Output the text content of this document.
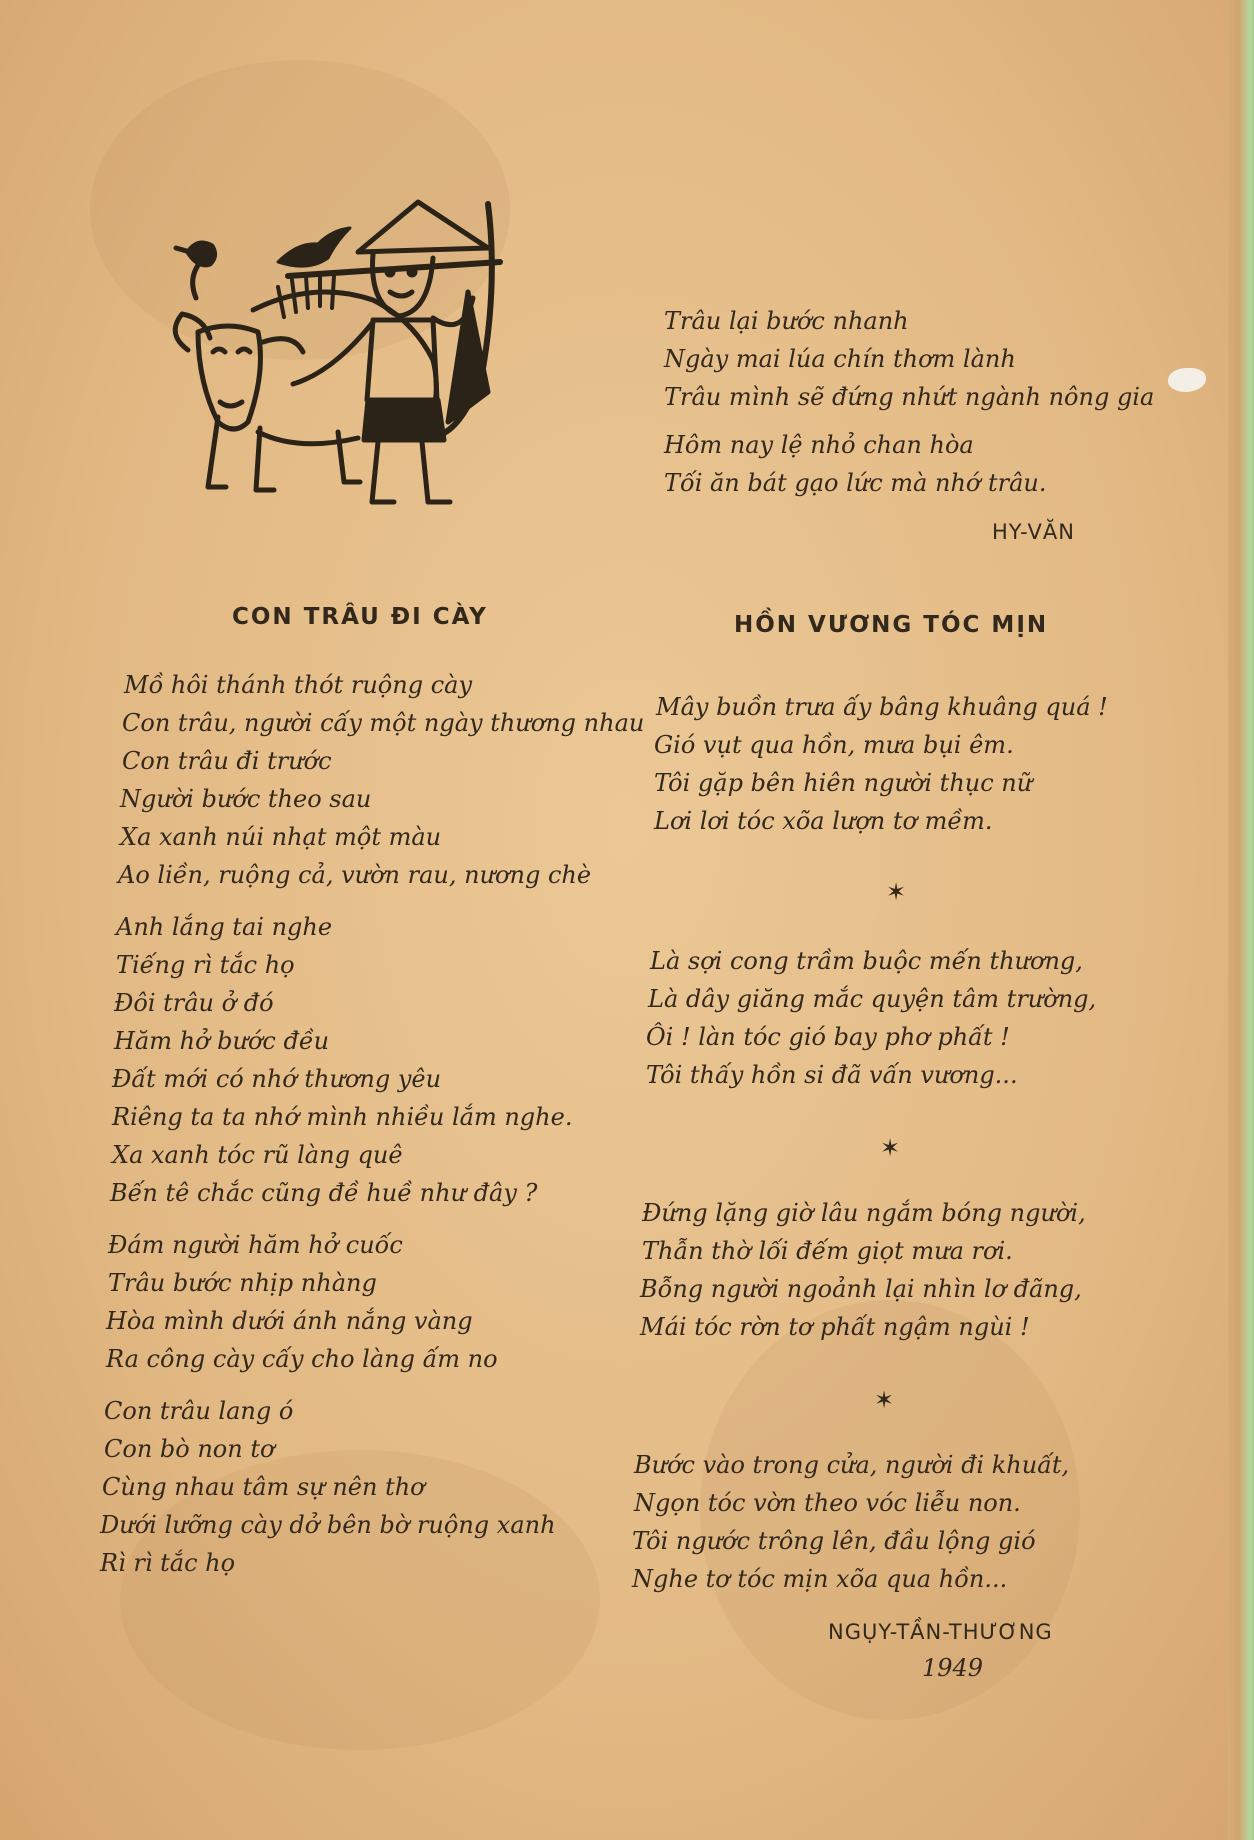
Trâu lại bước nhanh
Ngày mai lúa chín thơm lành
Trâu mình sẽ đứng nhứt ngành nông gia
Hôm nay lệ nhỏ chan hòa
Tối ăn bát gạo lức mà nhớ trâu.
HY-VĂN
CON TRÂU ĐI CÀY
Mồ hôi thánh thót ruộng cày
Con trâu, người cấy một ngày thương nhau
Con trâu đi trước
Người bước theo sau
Xa xanh núi nhạt một màu
Ao liền, ruộng cả, vườn rau, nương chè
Anh lắng tai nghe
Tiếng rì tắc họ
Đôi trâu ở đó
Hăm hở bước đều
Đất mới có nhớ thương yêu
Riêng ta ta nhớ mình nhiều lắm nghe.
Xa xanh tóc rũ làng quê
Bến tê chắc cũng đề huề như đây ?
Đám người hăm hở cuốc
Trâu bước nhịp nhàng
Hòa mình dưới ánh nắng vàng
Ra công cày cấy cho làng ấm no
Con trâu lang ó
Con bò non tơ
Cùng nhau tâm sự nên thơ
Dưới lưỡng cày dở bên bờ ruộng xanh
Rì rì tắc họ
HỒN VƯƠNG TÓC MỊN
Mây buồn trưa ấy bâng khuâng quá !
Gió vụt qua hồn, mưa bụi êm.
Tôi gặp bên hiên người thục nữ
Lơi lơi tóc xõa lượn tơ mềm.
✶
Là sợi cong trầm buộc mến thương,
Là dây giăng mắc quyện tâm trường,
Ôi ! làn tóc gió bay phơ phất !
Tôi thấy hồn si đã vấn vương...
✶
Đứng lặng giờ lâu ngắm bóng người,
Thẫn thờ lối đếm giọt mưa rơi.
Bỗng người ngoảnh lại nhìn lơ đãng,
Mái tóc rờn tơ phất ngậm ngùi !
✶
Bước vào trong cửa, người đi khuất,
Ngọn tóc vờn theo vóc liễu non.
Tôi ngước trông lên, đầu lộng gió
Nghe tơ tóc mịn xõa qua hồn...
NGỤY-TẦN-THƯƠNG
1949
